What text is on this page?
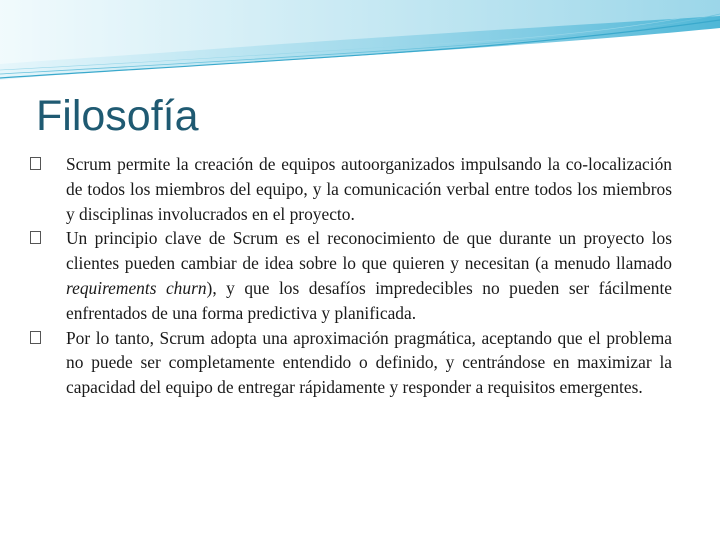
Filosofía

Scrum permite la creación de equipos autoorganizados impulsando la co-localización de todos los miembros del equipo, y la comunicación verbal entre todos los miembros y disciplinas involucrados en el proyecto.

Un principio clave de Scrum es el reconocimiento de que durante un proyecto los clientes pueden cambiar de idea sobre lo que quieren y necesitan (a menudo llamado requirements churn), y que los desafíos impredecibles no pueden ser fácilmente enfrentados de una forma predictiva y planificada.

Por lo tanto, Scrum adopta una aproximación pragmática, aceptando que el problema no puede ser completamente entendido o definido, y centrándose en maximizar la capacidad del equipo de entregar rápidamente y responder a requisitos emergentes.
